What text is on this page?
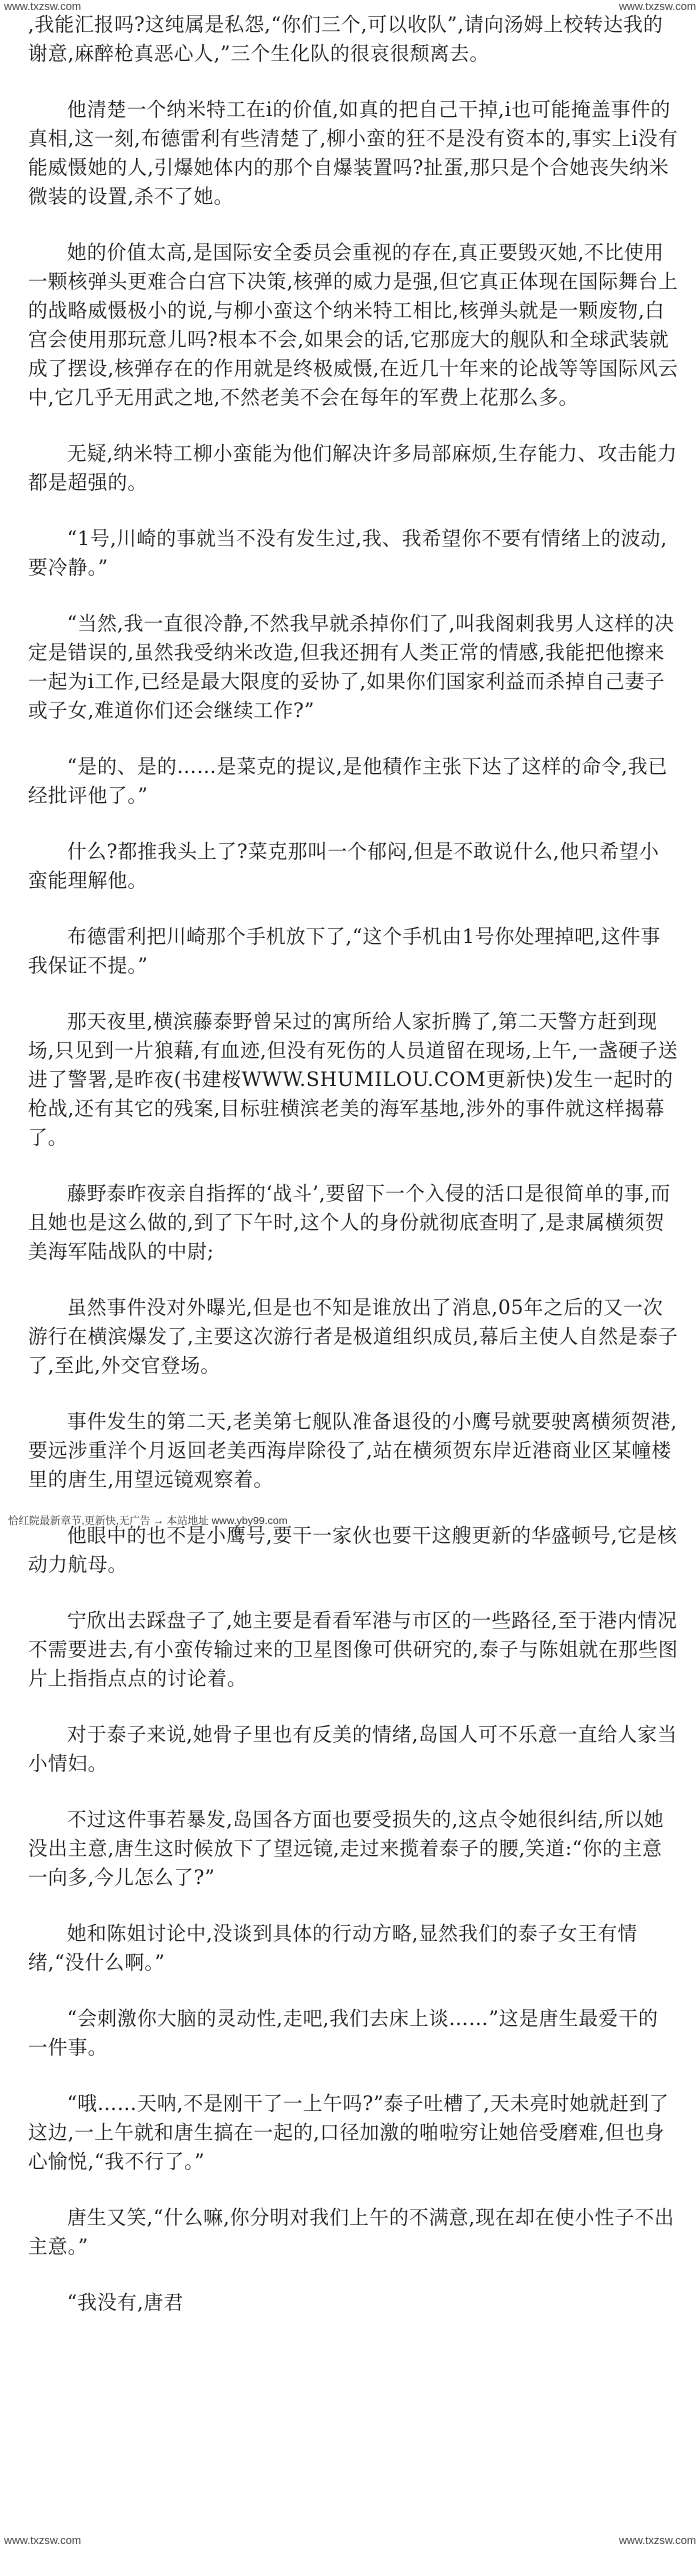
www.txzsw.com	www.txzsw.com

,我能汇报吗?这纯属是私怨,“你们三个,可以收队”,请向汤姆上校转达我的谢意,麻醉枪真恶心人,”三个生化队的很哀很颓离去。

他清楚一个纳米特工在i的价值,如真的把自己干掉,i也可能掩盖事件的真相,这一刻,布德雷利有些清楚了,柳小蛮的狂不是没有资本的,事实上i没有能威慑她的人,引爆她体内的那个自爆装置吗?扯蛋,那只是个合她丧失纳米微装的设置,杀不了她。

她的价值太高,是国际安全委员会重视的存在,真正要毁灭她,不比使用一颗核弹头更难合白宫下决策,核弹的威力是强,但它真正体现在国际舞台上的战略威慑极小的说,与柳小蛮这个纳米特工相比,核弹头就是一颗废物,白宫会使用那玩意儿吗?根本不会,如果会的话,它那庞大的舰队和全球武装就成了摆设,核弹存在的作用就是终极威慑,在近几十年来的论战等等国际风云中,它几乎无用武之地,不然老美不会在每年的军费上花那么多。

无疑,纳米特工柳小蛮能为他们解决许多局部麻烦,生存能力、攻击能力都是超强的。

“1号,川崎的事就当不没有发生过,我、我希望你不要有情绪上的波动,要冷静。”

“当然,我一直很冷静,不然我早就杀掉你们了,叫我阁刺我男人这样的决定是错误的,虽然我受纳米改造,但我还拥有人类正常的情感,我能把他擦来一起为i工作,已经是最大限度的妥协了,如果你们国家利益而杀掉自己妻子或子女,难道你们还会继续工作?”

“是的、是的……是菜克的提议,是他積作主张下达了这样的命令,我已经批评他了。”

什么?都推我头上了?菜克那叫一个郁闷,但是不敢说什么,他只希望小蛮能理解他。

布德雷利把川崎那个手机放下了,“这个手机由1号你处理掉吧,这件事我保证不提。”

那天夜里,横滨藤泰野曾呆过的寓所给人家折腾了,第二天警方赶到现场,只见到一片狼藉,有血迹,但没有死伤的人员道留在现场,上午,一盏硬子送进了警署,是昨夜(书建桜WWW.SHUMILOU.COM更新快)发生一起时的枪战,还有其它的残案,目标驻横滨老美的海军基地,涉外的事件就这样揭幕了。

藤野泰昨夜亲自指挥的‘战斗’,要留下一个入侵的活口是很简单的事,而且她也是这么做的,到了下午时,这个人的身份就彻底查明了,是隶属横须贺美海军陆战队的中尉;

虽然事件没对外曝光,但是也不知是谁放出了消息,05年之后的又一次游行在横滨爆发了,主要这次游行者是极道组织成员,幕后主使人自然是泰子了,至此,外交官登场。

事件发生的第二天,老美第七舰队准备退役的小鹰号就要驶离横须贺港,要远涉重洋个月返回老美西海岸除役了,站在横须贺东岸近港商业区某幢楼里的唐生,用望远镜观察着。

他眼中的也不是小鹰号,要干一家伙也要干这艘更新的华盛顿号,它是核动力航母。

宁欣出去踩盘子了,她主要是看看军港与市区的一些路径,至于港内情况不需要进去,有小蛮传输过来的卫星图像可供研究的,泰子与陈姐就在那些图片上指指点点的讨论着。

对于泰子来说,她骨子里也有反美的情绪,岛国人可不乐意一直给人家当小情妇。

不过这件事若暴发,岛国各方面也要受损失的,这点令她很纠结,所以她没出主意,唐生这时候放下了望远镜,走过来揽着泰子的腰,笑道:“你的主意一向多,今儿怎么了?”

她和陈姐讨论中,没谈到具体的行动方略,显然我们的泰子女王有情绪,“没什么啊。”

“会刺激你大脑的灵动性,走吧,我们去床上谈……”这是唐生最爱干的一件事。

“哦……天呐,不是刚干了一上午吗?”泰子吐槽了,天未亮时她就赶到了这边,一上午就和唐生搞在一起的,口径加激的啪啦穷让她倍受磨难,但也身心愉悦,“我不行了。”

唐生又笑,“什么嘛,你分明对我们上午的不满意,现在却在使小性子不出主意。”

“我没有,唐君

恰红院最新章节,更新快,无广告 → 本站地址 www.yby99.com
www.txzsw.com	www.txzsw.com
